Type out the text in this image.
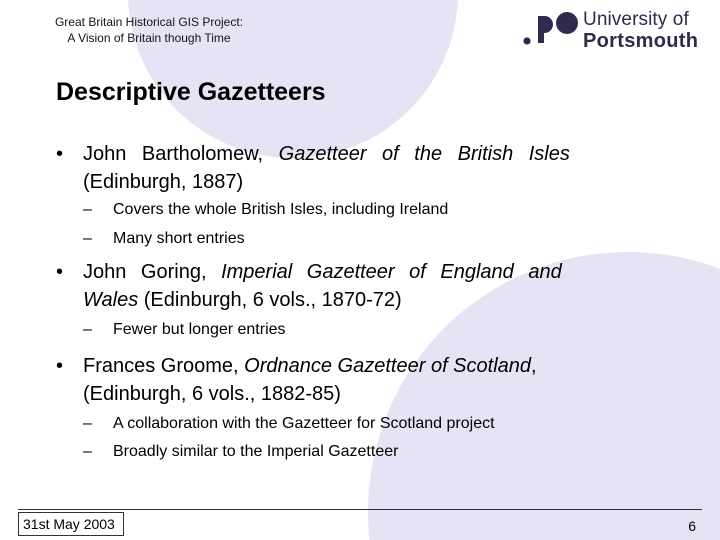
Great Britain Historical GIS Project:
A Vision of Britain though Time
University of
Portsmouth
Descriptive Gazetteers
• John Bartholomew, Gazetteer of the British Isles
(Edinburgh, 1887)
– Covers the whole British Isles, including Ireland
– Many short entries
• John Goring, Imperial Gazetteer of England and
Wales (Edinburgh, 6 vols., 1870-72)
– Fewer but longer entries
• Frances Groome, Ordnance Gazetteer of Scotland,
(Edinburgh, 6 vols., 1882-85)
– A collaboration with the Gazetteer for Scotland project
– Broadly similar to the Imperial Gazetteer
31st May 2003	6
